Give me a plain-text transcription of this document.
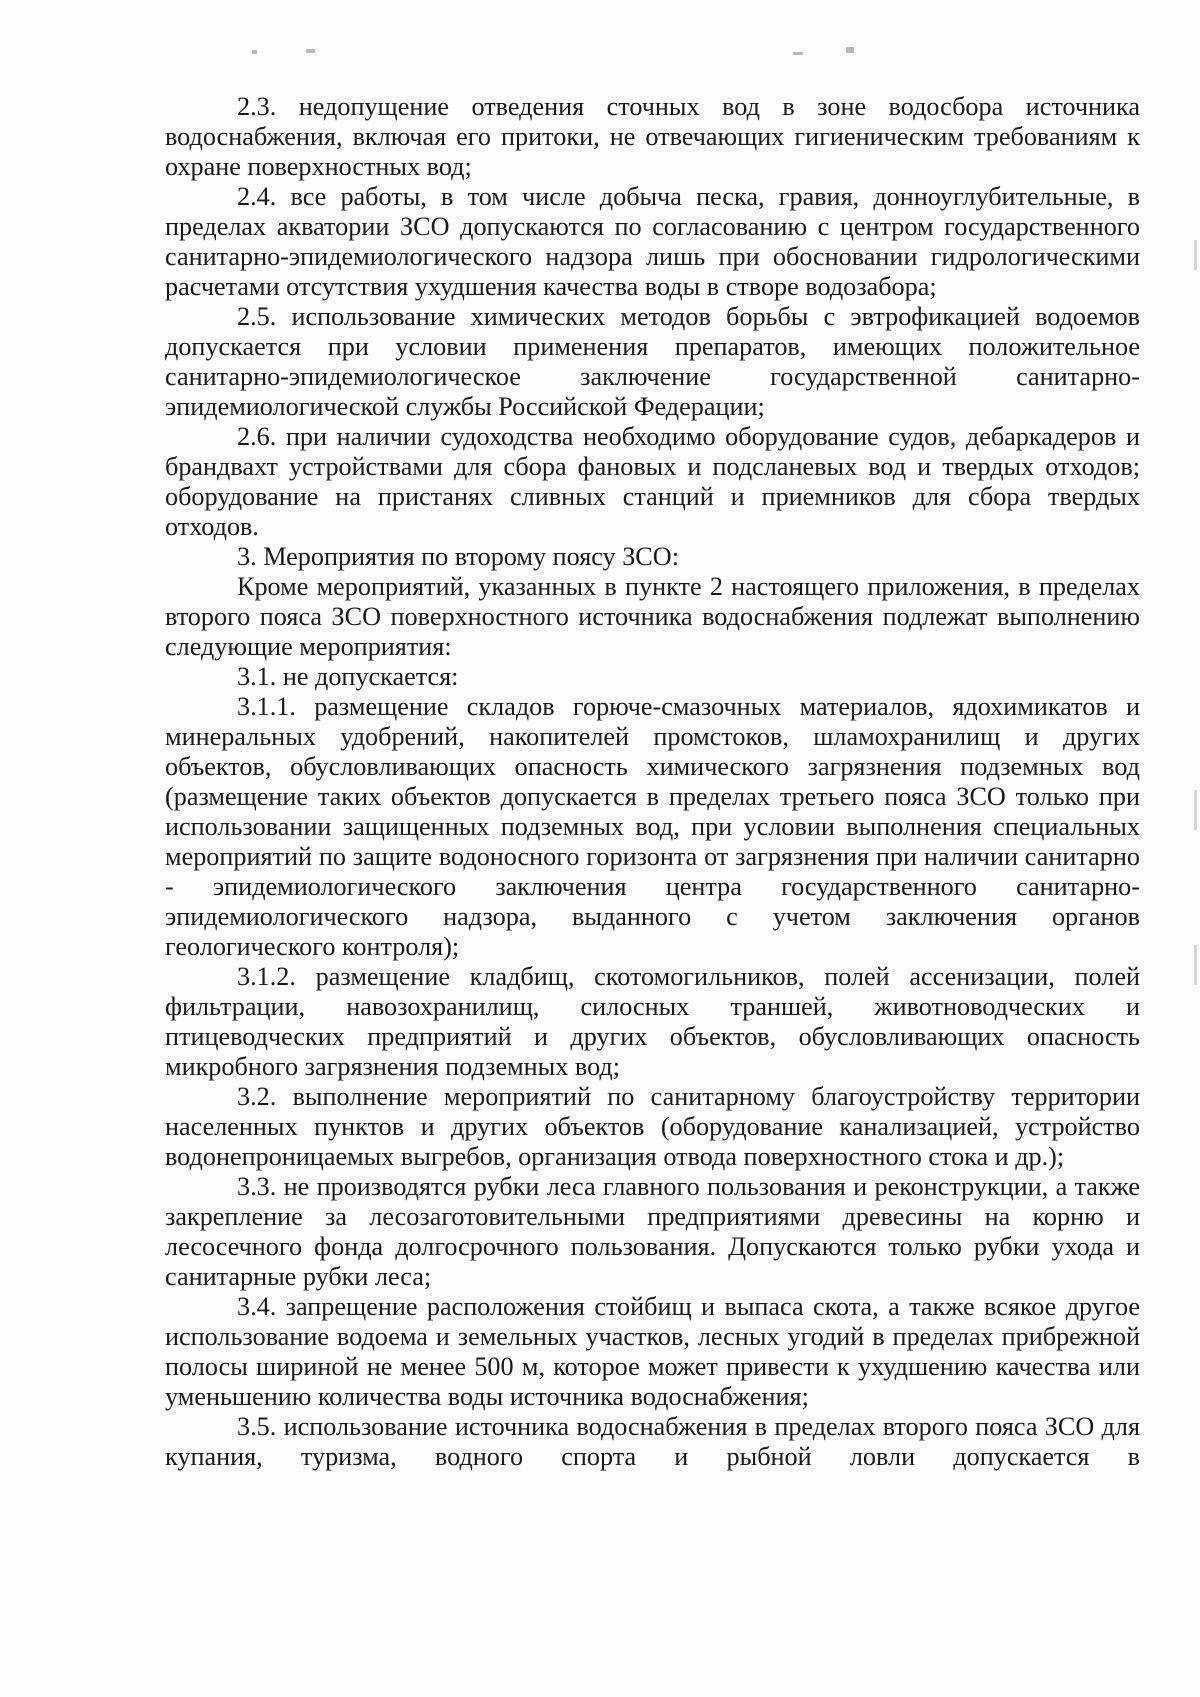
2.3. недопущение отведения сточных вод в зоне водосбора источника водоснабжения, включая его притоки, не отвечающих гигиеническим требованиям к охране поверхностных вод;

2.4. все работы, в том числе добыча песка, гравия, донноуглубительные, в пределах акватории ЗСО допускаются по согласованию с центром государственного санитарно-эпидемиологического надзора лишь при обосновании гидрологическими расчетами отсутствия ухудшения качества воды в створе водозабора;

2.5. использование химических методов борьбы с эвтрофикацией водоемов допускается при условии применения препаратов, имеющих положительное санитарно-эпидемиологическое заключение государственной санитарно-эпидемиологической службы Российской Федерации;

2.6. при наличии судоходства необходимо оборудование судов, дебаркадеров и брандвахт устройствами для сбора фановых и подсланевых вод и твердых отходов; оборудование на пристанях сливных станций и приемников для сбора твердых отходов.

3. Мероприятия по второму поясу ЗСО:

Кроме мероприятий, указанных в пункте 2 настоящего приложения, в пределах второго пояса ЗСО поверхностного источника водоснабжения подлежат выполнению следующие мероприятия:

3.1. не допускается:

3.1.1. размещение складов горюче-смазочных материалов, ядохимикатов и минеральных удобрений, накопителей промстоков, шламохранилищ и других объектов, обусловливающих опасность химического загрязнения подземных вод (размещение таких объектов допускается в пределах третьего пояса ЗСО только при использовании защищенных подземных вод, при условии выполнения специальных мероприятий по защите водоносного горизонта от загрязнения при наличии санитарно - эпидемиологического заключения центра государственного санитарно-эпидемиологического надзора, выданного с учетом заключения органов геологического контроля);

3.1.2. размещение кладбищ, скотомогильников, полей ассенизации, полей фильтрации, навозохранилищ, силосных траншей, животноводческих и птицеводческих предприятий и других объектов, обусловливающих опасность микробного загрязнения подземных вод;

3.2. выполнение мероприятий по санитарному благоустройству территории населенных пунктов и других объектов (оборудование канализацией, устройство водонепроницаемых выгребов, организация отвода поверхностного стока и др.);

3.3. не производятся рубки леса главного пользования и реконструкции, а также закрепление за лесозаготовительными предприятиями древесины на корню и лесосечного фонда долгосрочного пользования. Допускаются только рубки ухода и санитарные рубки леса;

3.4. запрещение расположения стойбищ и выпаса скота, а также всякое другое использование водоема и земельных участков, лесных угодий в пределах прибрежной полосы шириной не менее 500 м, которое может привести к ухудшению качества или уменьшению количества воды источника водоснабжения;

3.5. использование источника водоснабжения в пределах второго пояса ЗСО для купания, туризма, водного спорта и рыбной ловли допускается в
